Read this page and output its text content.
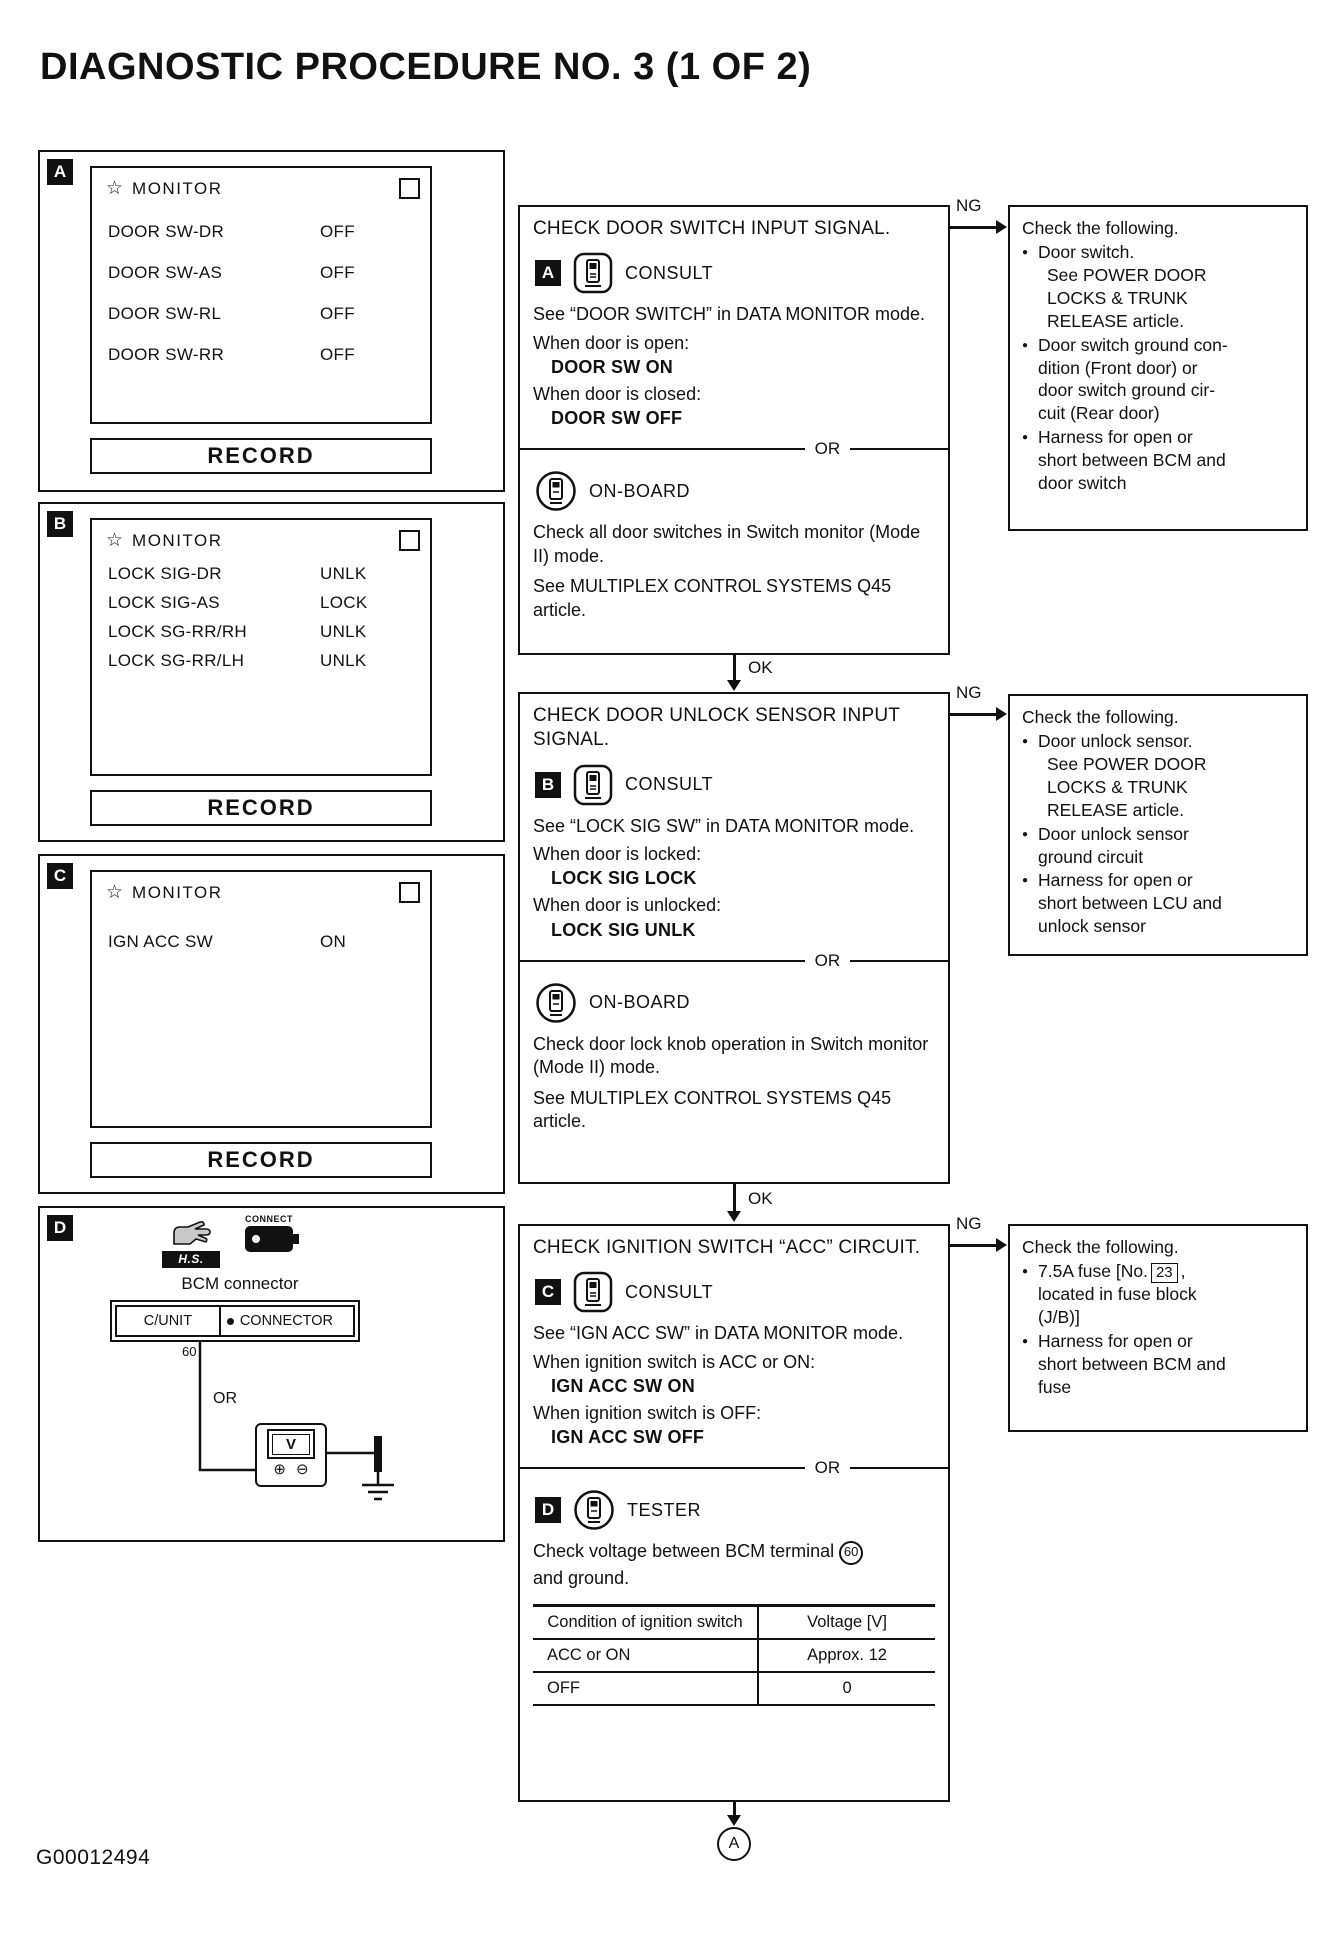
DIAGNOSTIC PROCEDURE NO. 3 (1 OF 2)
A
☆ MONITOR
DOOR SW-DR	OFF
DOOR SW-AS	OFF
DOOR SW-RL	OFF
DOOR SW-RR	OFF
RECORD
B
☆ MONITOR
LOCK SIG-DR	UNLK
LOCK SIG-AS	LOCK
LOCK SG-RR/RH	UNLK
LOCK SG-RR/LH	UNLK
RECORD
C
☆ MONITOR
IGN ACC SW	ON
RECORD
D
H.S.
CONNECT
BCM connector
C/UNIT	CONNECTOR
60
OR
V
⊕ ⊖
CHECK DOOR SWITCH INPUT SIGNAL.
A	CONSULT
See “DOOR SWITCH” in DATA MONITOR mode.
When door is open:
DOOR SW ON
When door is closed:
DOOR SW OFF
OR
ON-BOARD
Check all door switches in Switch monitor (Mode II) mode.
See MULTIPLEX CONTROL SYSTEMS Q45 article.
CHECK DOOR UNLOCK SENSOR INPUT SIGNAL.
B	CONSULT
See “LOCK SIG SW” in DATA MONITOR mode.
When door is locked:
LOCK SIG LOCK
When door is unlocked:
LOCK SIG UNLK
OR
ON-BOARD
Check door lock knob operation in Switch monitor (Mode II) mode.
See MULTIPLEX CONTROL SYSTEMS Q45 article.
CHECK IGNITION SWITCH “ACC” CIRCUIT.
C	CONSULT
See “IGN ACC SW” in DATA MONITOR mode.
When ignition switch is ACC or ON:
IGN ACC SW ON
When ignition switch is OFF:
IGN ACC SW OFF
OR
D	TESTER
Check voltage between BCM terminal 60
and ground.
Condition of ignition switch	Voltage [V]
ACC or ON	Approx. 12
OFF	0
Check the following.
● Door switch.
See POWER DOOR
LOCKS & TRUNK
RELEASE article.
● Door switch ground con-
dition (Front door) or
door switch ground cir-
cuit (Rear door)
● Harness for open or
short between BCM and
door switch
Check the following.
● Door unlock sensor.
See POWER DOOR
LOCKS & TRUNK
RELEASE article.
● Door unlock sensor
ground circuit
● Harness for open or
short between LCU and
unlock sensor
Check the following.
● 7.5A fuse [No. 23 ,
located in fuse block
(J/B)]
● Harness for open or
short between BCM and
fuse
OK
OK
A
NG
NG
NG
G00012494
